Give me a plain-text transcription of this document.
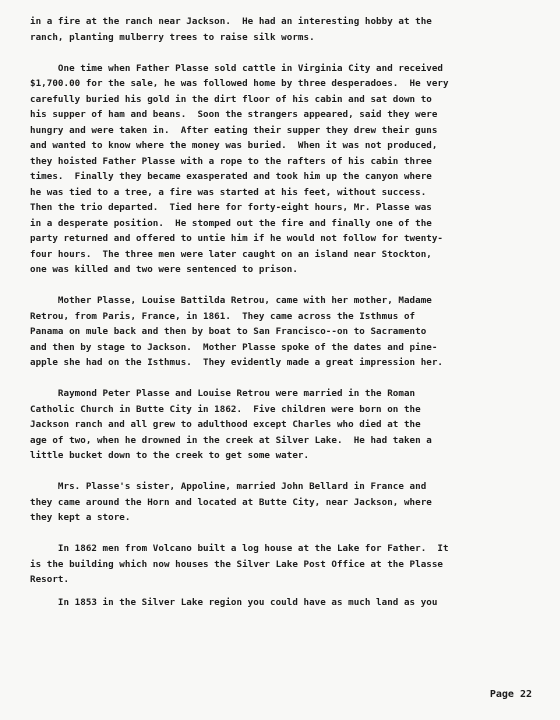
in a fire at the ranch near Jackson.  He had an interesting hobby at the
ranch, planting mulberry trees to raise silk worms.

One time when Father Plasse sold cattle in Virginia City and received
$1,700.00 for the sale, he was followed home by three desperadoes.  He very
carefully buried his gold in the dirt floor of his cabin and sat down to
his supper of ham and beans.  Soon the strangers appeared, said they were
hungry and were taken in.  After eating their supper they drew their guns
and wanted to know where the money was buried.  When it was not produced,
they hoisted Father Plasse with a rope to the rafters of his cabin three
times.  Finally they became exasperated and took him up the canyon where
he was tied to a tree, a fire was started at his feet, without success.
Then the trio departed.  Tied here for forty-eight hours, Mr. Plasse was
in a desperate position.  He stomped out the fire and finally one of the
party returned and offered to untie him if he would not follow for twenty-
four hours.  The three men were later caught on an island near Stockton,
one was killed and two were sentenced to prison.

Mother Plasse, Louise Battilda Retrou, came with her mother, Madame
Retrou, from Paris, France, in 1861.  They came across the Isthmus of
Panama on mule back and then by boat to San Francisco--on to Sacramento
and then by stage to Jackson.  Mother Plasse spoke of the dates and pine-
apple she had on the Isthmus.  They evidently made a great impression her.

Raymond Peter Plasse and Louise Retrou were married in the Roman
Catholic Church in Butte City in 1862.  Five children were born on the
Jackson ranch and all grew to adulthood except Charles who died at the
age of two, when he drowned in the creek at Silver Lake.  He had taken a
little bucket down to the creek to get some water.

Mrs. Plasse's sister, Appoline, married John Bellard in France and
they came around the Horn and located at Butte City, near Jackson, where
they kept a store.

In 1862 men from Volcano built a log house at the Lake for Father.  It
is the building which now houses the Silver Lake Post Office at the Plasse
Resort.

In 1853 in the Silver Lake region you could have as much land as you

Page 22
